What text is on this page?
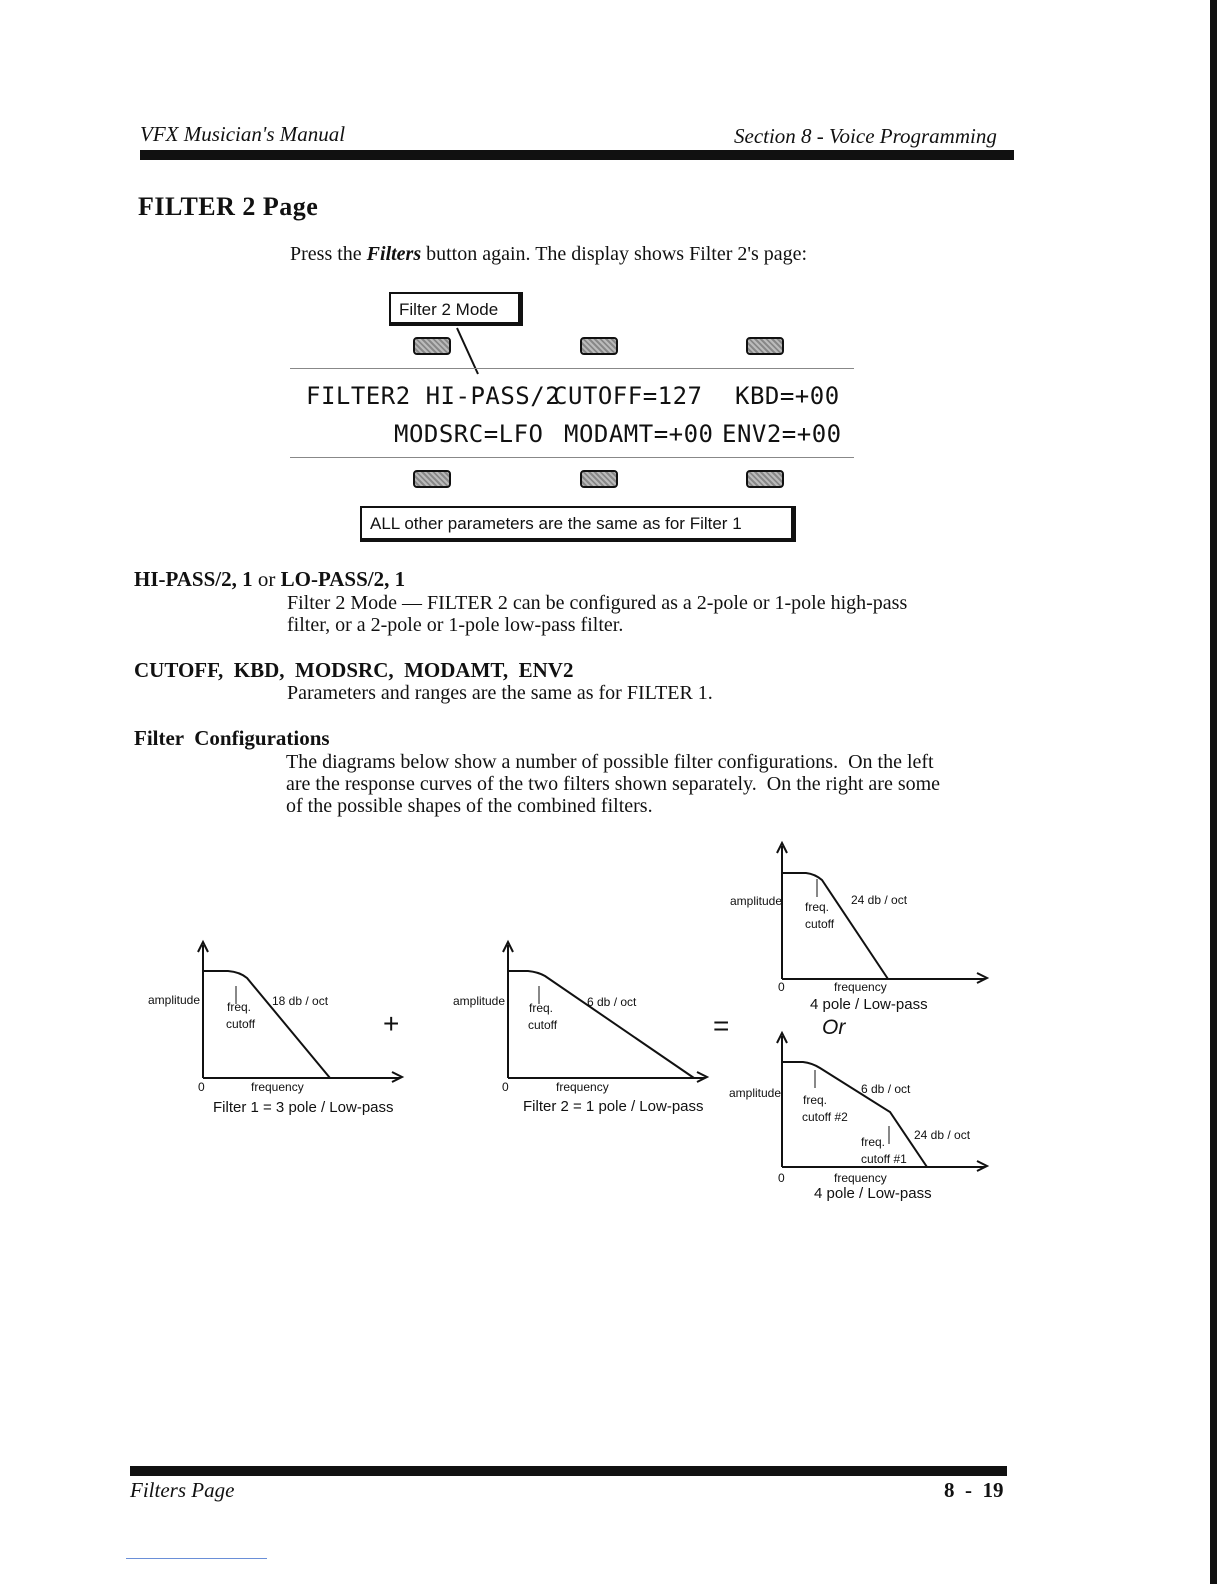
VFX Musician's Manual	Section 8 - Voice Programming
FILTER 2 Page
Press the Filters button again. The display shows Filter 2's page:
Filter 2 Mode
FILTER2 HI-PASS/2
CUTOFF=127 KBD=+00
MODSRC=LFO MODAMT=+00 ENV2=+00
ALL other parameters are the same as for Filter 1
HI-PASS/2, 1 or LO-PASS/2, 1
Filter 2 Mode — FILTER 2 can be configured as a 2-pole or 1-pole high-pass
filter, or a 2-pole or 1-pole low-pass filter.
CUTOFF,  KBD,  MODSRC,  MODAMT,  ENV2
Parameters and ranges are the same as for FILTER 1.
Filter  Configurations
The diagrams below show a number of possible filter configurations.  On the left
are the response curves of the two filters shown separately.  On the right are some
of the possible shapes of the combined filters.
amplitude	18 db / oct
freq.
cutoff
0	frequency
Filter 1 = 3 pole / Low-pass
+
amplitude	6 db / oct
freq.
cutoff
0	frequency
Filter 2 = 1 pole / Low-pass
=
amplitude	24 db / oct
freq.
cutoff
0	frequency
4 pole / Low-pass
Or
amplitude	6 db / oct
freq.
cutoff #2
24 db / oct
freq.
cutoff #1
0	frequency
4 pole / Low-pass
Filters Page	8  -  19
